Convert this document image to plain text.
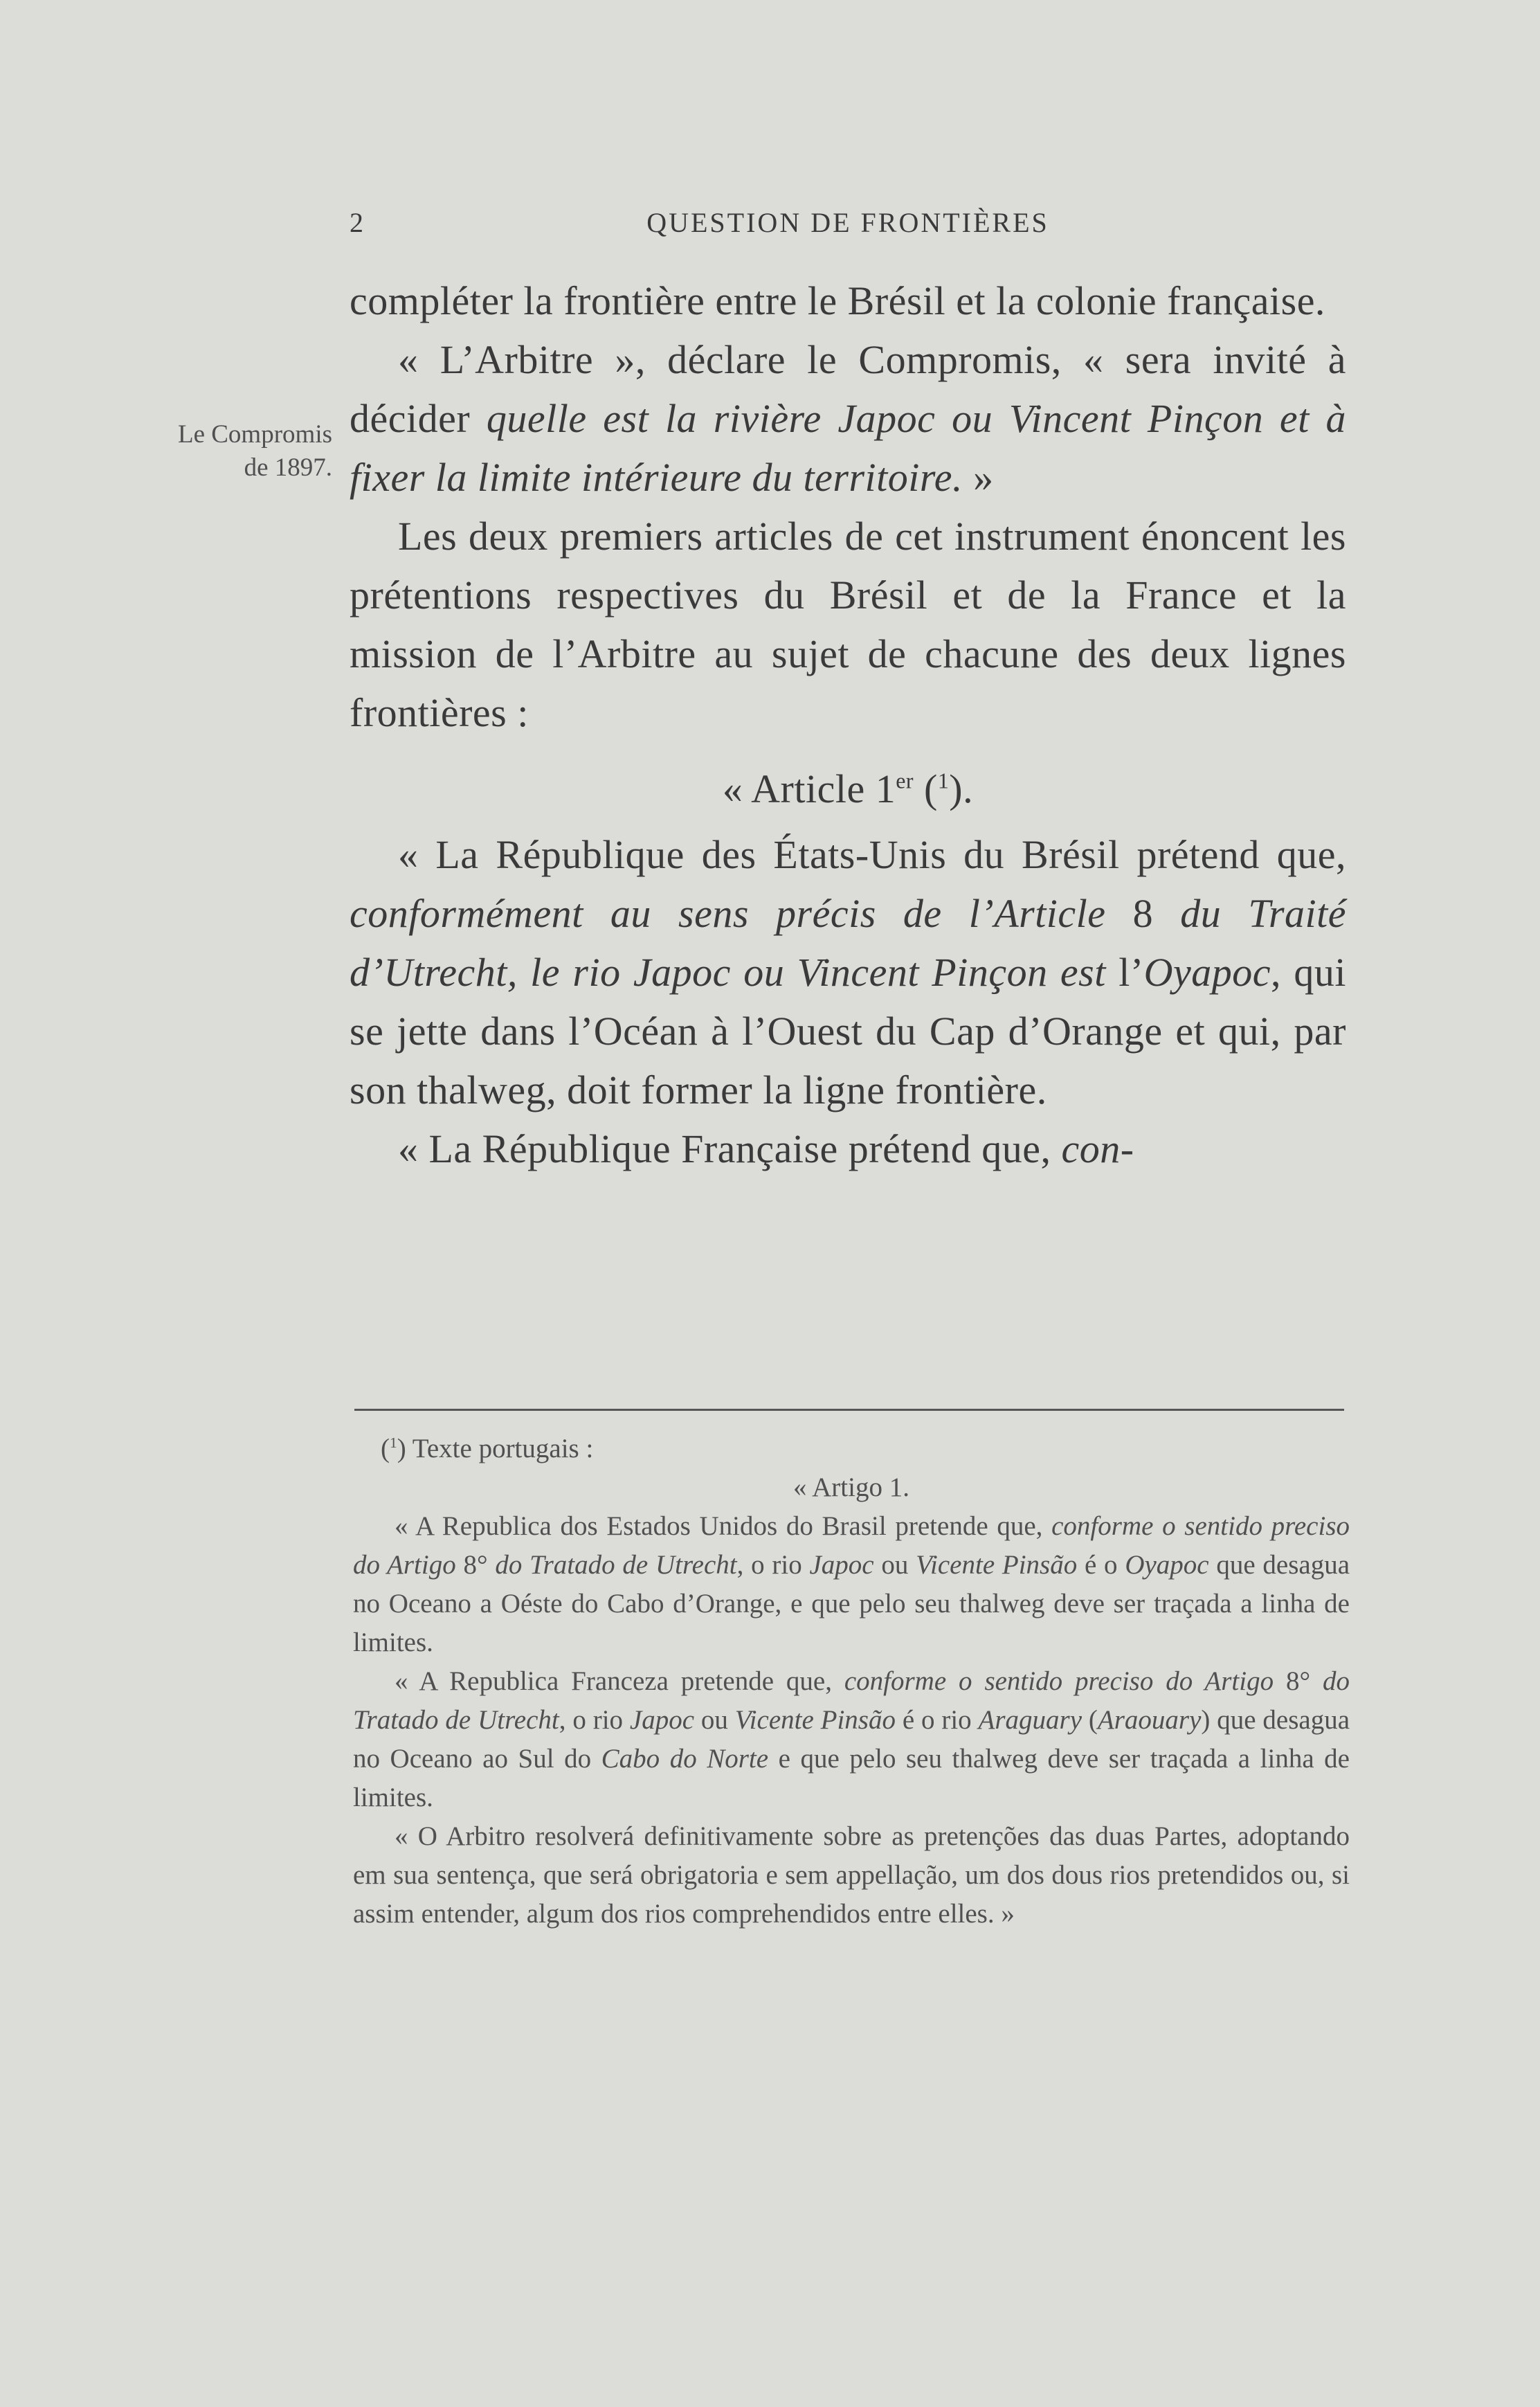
2	QUESTION DE FRONTIÈRES
Le Compromis
de 1897.

compléter la frontière entre le Brésil et la colonie française.

« L’Arbitre », déclare le Compromis, « sera invité à décider quelle est la rivière Japoc ou Vincent Pinçon et à fixer la limite intérieure du territoire. »

Les deux premiers articles de cet instrument énoncent les prétentions respectives du Brésil et de la France et la mission de l’Arbitre au sujet de chacune des deux lignes frontières :

« Article 1er ($^1$).

« La République des États-Unis du Brésil prétend que, conformément au sens précis de l’Article 8 du Traité d’Utrecht, le rio Japoc ou Vincent Pinçon est l’Oyapoc, qui se jette dans l’Océan à l’Ouest du Cap d’Orange et qui, par son thalweg, doit former la ligne frontière.

« La République Française prétend que, con-

($^1$) Texte portugais :

« Artigo 1.

« A Republica dos Estados Unidos do Brasil pretende que, conforme o sentido preciso do Artigo 8° do Tratado de Utrecht, o rio Japoc ou Vicente Pinsão é o Oyapoc que desagua no Oceano a Oéste do Cabo d’Orange, e que pelo seu thalweg deve ser traçada a linha de limites.

« A Republica Franceza pretende que, conforme o sentido preciso do Artigo 8° do Tratado de Utrecht, o rio Japoc ou Vicente Pinsão é o rio Araguary (Araouary) que desagua no Oceano ao Sul do Cabo do Norte e que pelo seu thalweg deve ser traçada a linha de limites.

« O Arbitro resolverá definitivamente sobre as pretenções das duas Partes, adoptando em sua sentença, que será obrigatoria e sem appellação, um dos dous rios pretendidos ou, si assim entender, algum dos rios comprehendidos entre elles. »
